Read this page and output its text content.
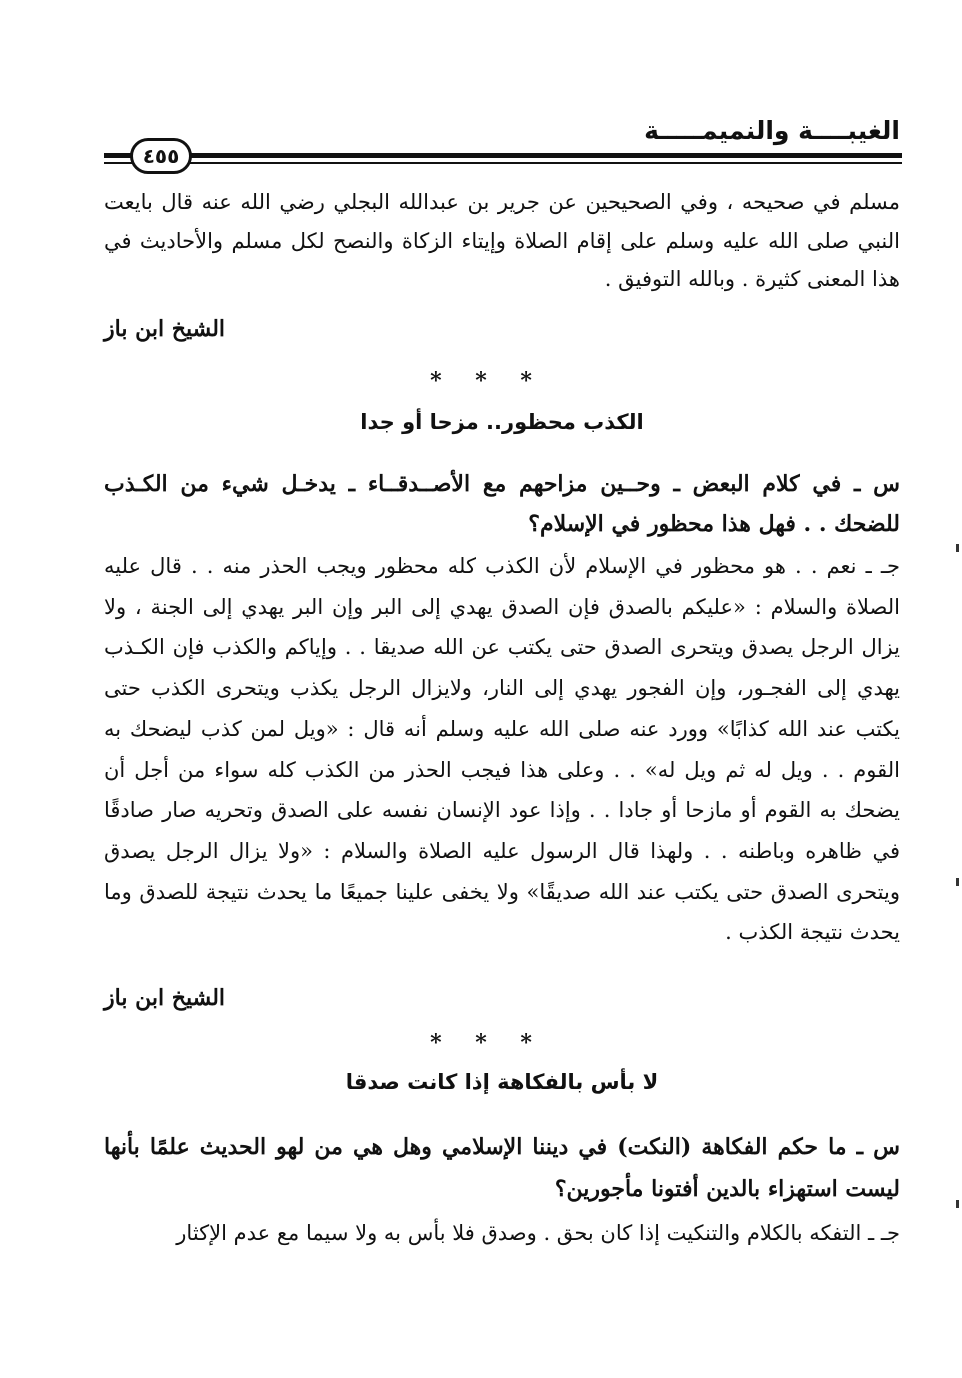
الغيبــــة والنميمـــــة
٤٥٥
مسلم في صحيحه ، وفي الصحيحين عن جرير بن عبدالله البجلي رضي الله عنه قال بايعت النبي صلى الله عليه وسلم على إقام الصلاة وإيتاء الزكاة والنصح لكل مسلم والأحاديث في هذا المعنى كثيرة . وبالله التوفيق .
الشيخ ابن باز
* * *
الكذب محظور.. مزحا أو جدا
س ـ في كلام البعض ـ وحــين مزاحهم مع الأصــدقــاء ـ يدخـل شيء من الكـذب للضحك . . فهل هذا محظور في الإسلام؟
جـ ـ نعم . . هو محظور في الإسلام لأن الكذب كله محظور ويجب الحذر منه . . قال عليه الصلاة والسلام : «عليكم بالصدق فإن الصدق يهدي إلى البر وإن البر يهدي إلى الجنة ، ولا يزال الرجل يصدق ويتحرى الصدق حتى يكتب عن الله صديقا . . وإياكم والكذب فإن الكـذب يهدي إلى الفجـور، وإن الفجور يهدي إلى النار، ولايزال الرجل يكذب ويتحرى الكذب حتى يكتب عند الله كذابًا» وورد عنه صلى الله عليه وسلم أنه قال : «ويل لمن كذب ليضحك به القوم . . ويل له ثم ويل له» . . وعلى هذا فيجب الحذر من الكذب كله سواء من أجل أن يضحك به القوم أو مازحا أو جادا . . وإذا عود الإنسان نفسه على الصدق وتحريه صار صادقًا في ظاهره وباطنه . . ولهذا قال الرسول عليه الصلاة والسلام : «ولا يزال الرجل يصدق ويتحرى الصدق حتى يكتب عند الله صديقًا» ولا يخفى علينا جميعًا ما يحدث نتيجة للصدق وما يحدث نتيجة الكذب .
الشيخ ابن باز
* * *
لا بأس بالفكاهة إذا كانت صدقا
س ـ ما حكم الفكاهة (النكت) في ديننا الإسلامي وهل هي من لهو الحديث علمًا بأنها ليست استهزاء بالدين أفتونا مأجورين؟
جـ ـ التفكه بالكلام والتنكيت إذا كان بحق . وصدق فلا بأس به ولا سيما مع عدم الإكثار
